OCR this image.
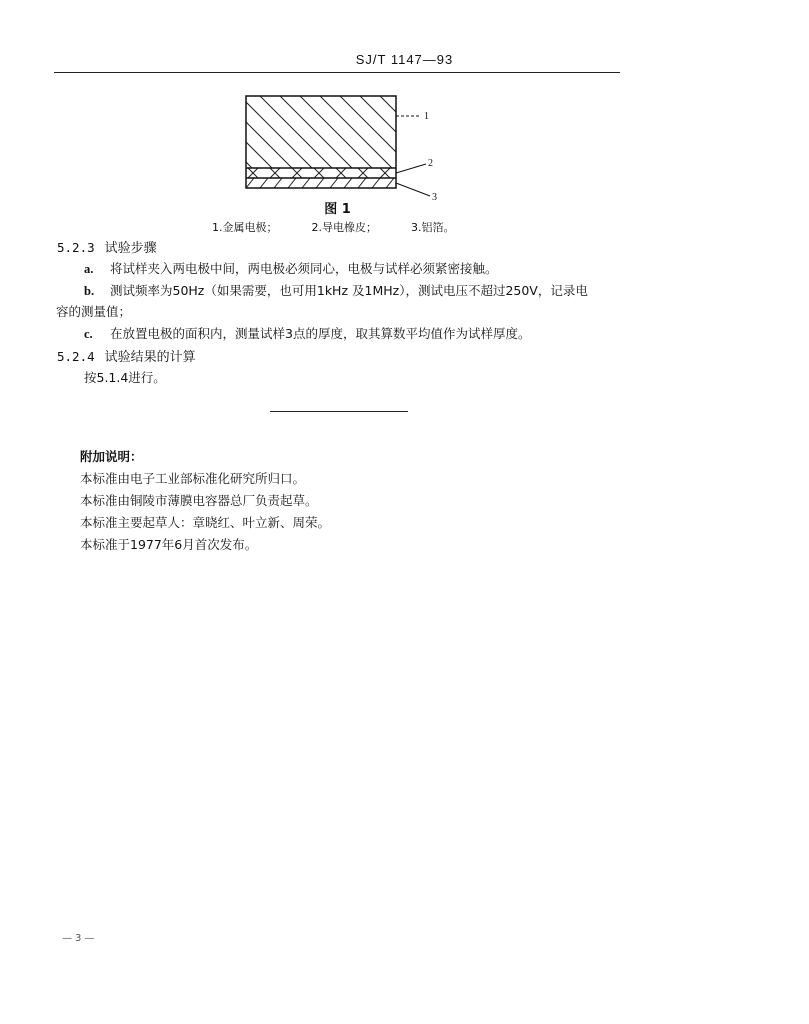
SJ/T 1147—93
1
2
3
图 1
1.金属电极；	2.导电橡皮；	3.铝箔。
5.2.3 试验步骤
a. 将试样夹入两电极中间，两电极必须同心，电极与试样必须紧密接触。
b. 测试频率为50Hz（如果需要，也可用1kHz 及1MHz），测试电压不超过250V，记录电
容的测量值；
c. 在放置电极的面积内，测量试样3点的厚度，取其算数平均值作为试样厚度。
5.2.4 试验结果的计算
按5.1.4进行。
附加说明：
本标准由电子工业部标准化研究所归口。
本标准由铜陵市薄膜电容器总厂负责起草。
本标准主要起草人：章晓红、叶立新、周荣。
本标准于1977年6月首次发布。
—3—
